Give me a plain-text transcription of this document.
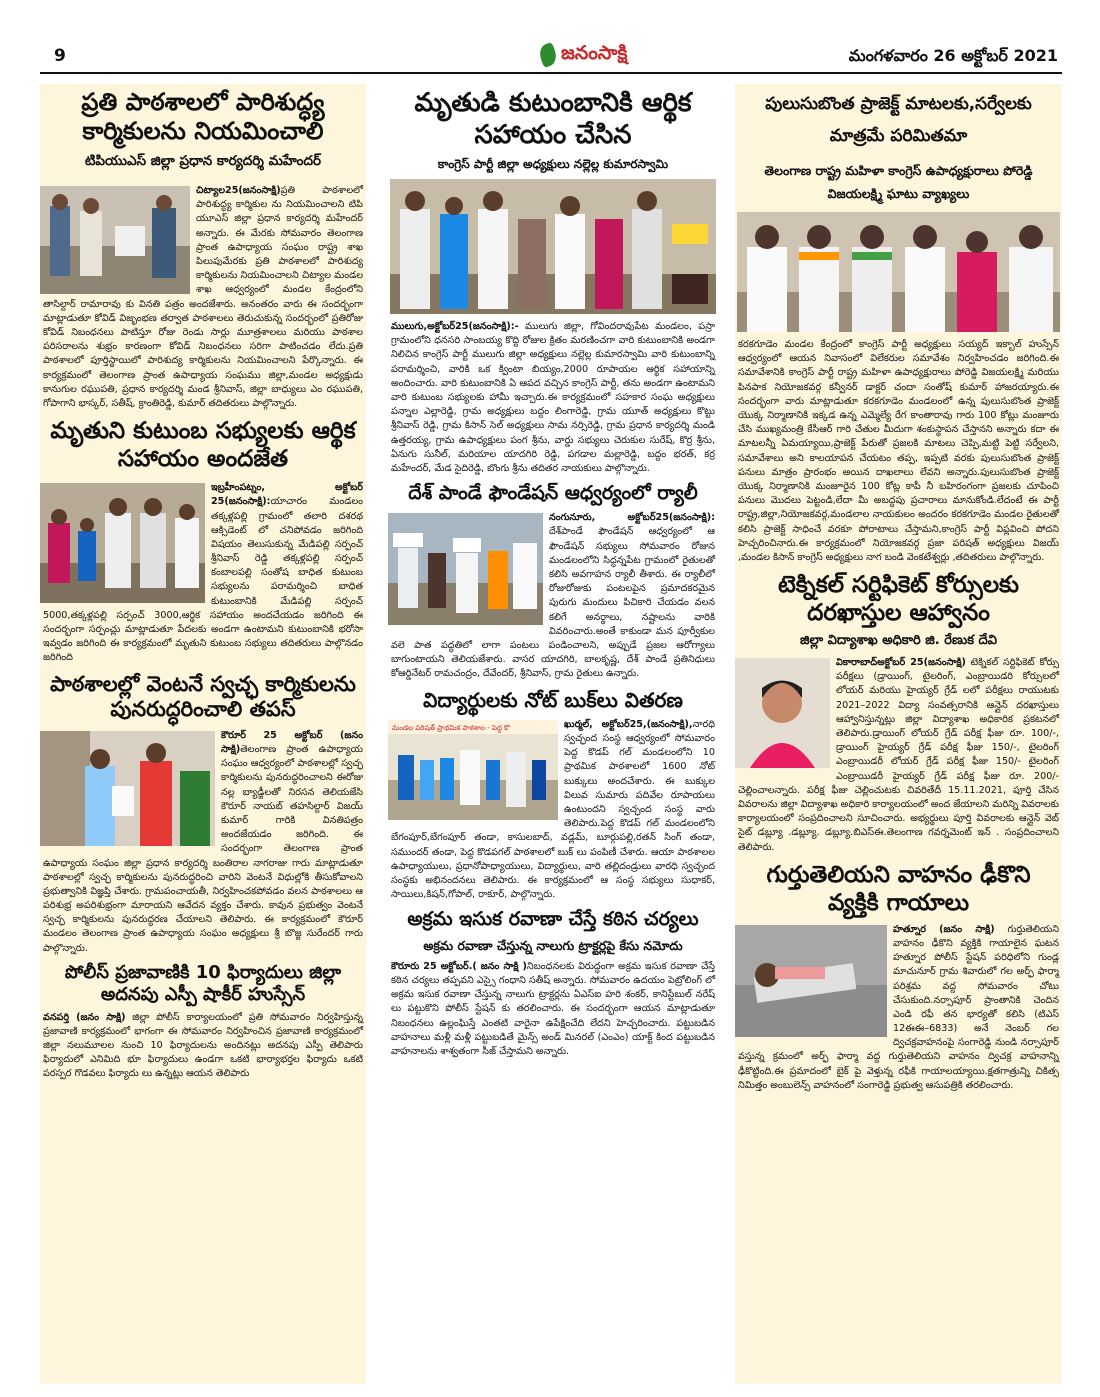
9	జనంసాక్షి	మంగళవారం 26 అక్టోబర్ 2021
ప్రతి పాఠశాలలో పారిశుద్ధ్య కార్మికులను నియమించాలి
టిపియుఎస్ జిల్లా ప్రధాన కార్యదర్శి మహేందర్

చిట్యాల25(జనంసాక్షి)ప్రతి పాఠశాలలో పారిశుద్ధ్య కార్మికుల ను నియమించాలని టిపి యూఎస్ జిల్లా ప్రధాన కార్యదర్శి మహేందర్ అన్నారు. ఈ మేరకు సోమవారం తెలంగాణ ప్రాంత ఉపాధ్యాయ సంఘం రాష్ట్ర శాఖ పిలుపుమేరకు ప్రతి పాఠశాలలో పారిశుద్య కార్మికులను నియమించాలని చిట్యాల మండల శాఖ ఆధ్వర్యంలో మండల కేంద్రంలోని తాసిల్దార్ రామారావు కు వినతి పత్రం అందజేశారు. అనంతరం వారు ఈ సందర్భంగా మాట్లాడుతూ కోవిడ్ విజృంభణ తర్వాత పాఠశాలలు తెరుచుకున్న సందర్భంలో ప్రతిరోజు కోవిడ్ నిబంధనలు పాటిస్తూ రోజు రెండు సార్లు మూత్రశాలలు మరియు పాఠశాల పరిసరాలను శుభ్రం కారణంగా కోవిడ్ నిబంధనలు సరిగా పాటించడం లేదు.ప్రతి పాఠశాలలో పూర్తిస్థాయిలో పారిశుద్య కార్మికులను నియమించాలని పేర్కొన్నారు. ఈ కార్యక్రమంలో తెలంగాణ ప్రాంత ఉపాధ్యాయ సంఘము జిల్లా,మండల అధ్యక్షుడు కానుగుల రఘుపతి, ప్రధాన కార్యదర్శి మండ శ్రీనివాస్, జిల్లా బాధ్యులు ఎం రఘుపతి, గోపాగాని భాస్కర్, సతీష్, క్రాంతిరెడ్డి, కుమార్ తదితరులు పాల్గొన్నారు.

మృతుని కుటుంబ సభ్యులకు ఆర్థిక సహాయం అందజేత

ఇబ్రహీంపట్నం, అక్టోబర్ 25(జనంసాక్షి):యాచారం మండలం తక్కళ్లపల్లి గ్రామంలో తలారి దశరథ ఆక్సిడెంట్ లో చనిపోవడం జరిగింది విషయం తెలుసుకున్న మేడిపల్లి సర్పంచ్ శ్రీనివాస్ రెడ్డి తక్కళ్లపల్లి సర్పంచ్ కంబాలపల్లి సంతోష బాధిత కుటుంబ సభ్యులను పరామర్శించి బాధిత కుటుంబానికి మేడిపల్లి సర్పంచ్ 5000,తక్కళ్లపల్లి సర్పంచ్ 3000,ఆర్థిక సహాయం అందచేయడం జరిగింది ఈ సందర్భంగా సర్పంచ్లు మాట్లాడుతూ పేదలకు అండగా ఉంటామని కుటుంబానికి భరోసా ఇవ్వడం జరిగింది ఈ కార్యక్రమంలో మృతుని కుటుంబ సభ్యులు తదితరులు పాల్గొనడం జరిగింది

పాఠశాలల్లో వెంటనే స్వచ్ఛ కార్మికులను పునరుద్ధరించాలి తపస్

కౌరూర్ 25 అక్టోబర్ (జనం సాక్షి)తెలంగాణ ప్రాంత ఉపాధ్యాయ సంఘం ఆధ్వర్యంలో పాఠశాలల్లో స్వచ్ఛ కార్మికులను పునరుద్ధరించాలని ఈరోజు నల్ల బ్యాడ్జీలతో నిరసన తెలియజేసి కౌరూర్ నాయబ్ తహసిల్దార్ విజయ్ కుమార్ గారికి వినతిపత్రం అందజేయడం జరిగింది. ఈ సందర్భంగా తెలంగాణ ప్రాంత ఉపాధ్యాయ సంఘం జిల్లా ప్రధాన కార్యదర్శి బంతిరాల నాగరాజు గారు మాట్లాడుతూ పాఠశాలల్లో స్వచ్ఛ కార్మికులను పునరుద్ధరించి వారిని వెంటనే విధుల్లోకి తీసుకోవాలని ప్రభుత్వానికి విజ్ఞప్తి చేశారు. గ్రామపంచాయతీ, నిర్వహించకపోవడం వలన పాఠశాలలు ఆ పరిశుభ్ర అపరిశుభ్రంగా మారాయని ఆవేదన వ్యక్తం చేశారు. కావున ప్రభుత్వం వెంటనే స్వచ్ఛ కార్మికులను పునరుద్ధరణ చేయాలని తెలిపారు. ఈ కార్యక్రమంలో కౌరూర్ మండలం తెలంగాణ ప్రాంత ఉపాధ్యాయ సంఘం అధ్యక్షులు శ్రీ బొజ్జ సురేందర్ గారు పాల్గొన్నారు.

పోలీస్ ప్రజావాణికి 10 ఫిర్యాదులు జిల్లా అదనపు ఎస్పీ షాకీర్ హుస్సేన్

వనపర్తి (జనం సాక్షి) జిల్లా పోలీస్ కార్యాలయంలో ప్రతి సోమవారం నిర్వహిస్తున్న ప్రజావాణి కార్యక్రమంలో భాగంగా ఈ సోమవారం నిర్వహించిన ప్రజావాణి కార్యక్రమంలో జిల్లా నలుమూలల నుంచి 10 ఫిర్యాదులను అందినట్లు అదనపు ఎస్పీ తెలిపారు ఫిర్యాదులో ఎనిమిది భూ ఫిర్యాదులు ఉండగా ఒకటి భార్యాభర్తల ఫిర్యాదు ఒకటి పరస్పర గొడవలు ఫిర్యాదు లు ఉన్నట్లు ఆయన తెలిపారు

మృతుడి కుటుంబానికి ఆర్థిక సహాయం చేసిన
కాంగ్రెస్ పార్టీ జిల్లా అధ్యక్షులు నల్లెల్ల కుమారస్వామి

ములుగు,అక్టోబర్25(జనంసాక్షి):- ములుగు జిల్లా, గోవిందరావుపేట మండలం, పస్రా గ్రామంలోని ధనసరి సాంబయ్య కొద్ది రోజుల క్రితం మరణించగా వారి కుటుంబానికి అండగా నిలిచిన కాంగ్రెస్ పార్టీ ములుగు జిల్లా అధ్యక్షులు నల్లెల్ల కుమారస్వామి వారి కుటుంబాన్ని పరామర్శించి, వారికి ఒక క్వింటా బియ్యం,2000 రూపాయల ఆర్థిక సహాయాన్ని అందించారు. వారి కుటుంబానికి ఏ ఆపద వచ్చిన కాంగ్రెస్ పార్టీ, తను అండగా ఉంటామని వారి కుటుంబ సభ్యులకు హామీ ఇచ్చారు.ఈ కార్యక్రమంలో సహకార సంఘ అధ్యక్షులు పన్నాల ఎల్లారెడ్డి, గ్రామ అధ్యక్షులు బద్దం లింగారెడ్డి, గ్రామ యూత్ అధ్యక్షులు కొట్టు శ్రీనివాస్ రెడ్డి, గ్రామ కిసాన్ సెల్ అధ్యక్షులు సామ నర్సిరెడ్డి, గ్రామ ప్రధాన కార్యదర్శి మండి ఉత్తరయ్య, గ్రామ ఉపాధ్యక్షులు పంగ శ్రీను, వార్డు సభ్యులు చెరుకుల సురేష్, కొర్ర శ్రీను, ఏనుగు సునీల్, మరియాల యాదగిరి రెడ్డి, పగడాల మల్లారెడ్డి, బద్దం భరత్, కర్ర మహేందర్, మేడ సైదిరెడ్డి, బొంగు శ్రీను తదితర నాయకులు పాల్గొన్నారు.

దేశ్ పాండే ఫౌండేషన్ ఆధ్వర్యంలో ర్యాలీ

నంగునూరు, అక్టోబర్25(జనంసాక్షి): దేశ్‌పాండే ఫౌండేషన్ ఆధ్వర్యంలో ఆ ఫౌండేషన్ సభ్యులు సోమవారం రోజున మండలంలోని సిద్ధన్నపేట గ్రామంలో రైతులతో కలిసి అవగాహన ర్యాలీ తీశారు. ఈ ర్యాలీలో రోజురోజుకు పంటలపైన ప్రమాదకరమైన పురుగు మందులు పిచికారి చేయడం వలన కలిగే అనర్థాలు, నష్టాలను వారికి వివరించారు.అంతే కాకుండా మన పూర్వీకుల వలె పాత పద్ధతిలో లాగా పంటలు పండించాలని, అప్పుడే ప్రజల ఆరోగ్యాలు బాగుంటాయని తెలియజేశారు. వాసర యాదగిరి, బాలకృష్ణ, దేశ్ పాండే ప్రతినిధులు కోఆర్డినేటర్ రామచంద్రం, దేవేందర్, శ్రీనివాస్, గ్రామ రైతులు ఉన్నారు.

విద్యార్థులకు నోట్ బుక్‌లు వితరణ
మండల పరిషత్ ప్రాథమిక పాఠశాల - పెద్ద కొ	ఖుర్మల్, అక్టోబర్25,(జనంసాక్షి),నారధి స్వచ్ఛంద సంస్థ ఆధ్వర్యంలో సోమవారం పెద్ద కొడప్ గల్ మండలంలోని 10 ప్రాథమిక పాఠశాలలో 1600 నోట్ బుక్కులు అందచేశారు. ఈ బుక్కుల విలువ సుమారు పదివేల రూపాయలు ఉంటుందని స్వచ్ఛంద సంస్థ వారు తెలిపారు.పెద్ద కొడప్ గల్ మండలంలోని బేగంపూర్,బేగంపూర్ తండా, కాసులబాద్, వడ్లమ్, బూర్గుపల్లి,రతన్ సింగ్ తండా, సముందర్ తండా, పెద్ద కొడపగల్ పాఠశాలలో బుక్ లు పంపిణీ చేశారు. ఆయా పాఠశాలల ఉపాధ్యాయులు, ప్రధానోపాధ్యాయులు, విద్యార్థులు, వారి తల్లిదండ్రులు వారధి స్వచ్ఛంద సంస్థకు అభినందనలు తెలిపారు. ఈ కార్యక్రమంలో ఆ సంస్థ సభ్యులు సుధాకర్, సాయిలు,కిషన్,గోపాల్, రాకూర్, పాల్గొన్నారు.

అక్రమ ఇసుక రవాణా చేస్తే కఠిన చర్యలు
అక్రమ రవాణా చేస్తున్న నాలుగు ట్రాక్టర్లపై కేసు నమోదు

కౌరూరు 25 అక్టోబర్.( జనం సాక్షి )నిబంధనలకు విరుద్ధంగా అక్రమ ఇసుక రవాణా చేస్తే కఠిన చర్యలు తప్పవని ఎస్సై గంధాని సతీష్ అన్నారు. సోమవారం ఉదయం పెట్రోలింగ్ లో అక్రమ ఇసుక రవాణా చేస్తున్న నాలుగు ట్రాక్టర్లను ఏఎస్ఐ హరి శంకర్, కానిస్టేబుల్ నరేష్ లు పట్టుకొని పోలీస్ స్టేషన్ కు తరలించారు. ఈ సందర్భంగా ఆయన మాట్లాడుతూ నిబంధనలు ఉల్లంఘిస్తే ఎంతటి వారైనా ఉపేక్షించేది లేదని హెచ్చరించారు. పట్టుబడిన వాహనాలు మళ్లీ మళ్లీ పట్టుబడితే మైన్స్ అండ్ మినరల్ (ఎంఎం) యాక్ట్ కింద పట్టుబడిన వాహనాలను శాశ్వతంగా సీజ్ చేస్తామని అన్నారు.

పులుసుబొంత ప్రాజెక్ట్ మాటలకు,సర్వేలకు మాత్రమే పరిమితమా
తెలంగాణ రాష్ట్ర మహిళా కాంగ్రెస్ ఉపాధ్యక్షురాలు పోరెడ్డి విజయలక్ష్మి ఘాటు వ్యాఖ్యలు

కరకగూడెం మండల కేంద్రంలో కాంగ్రెస్ పార్టీ అధ్యక్షులు సయ్యద్ ఇక్బాల్ హుస్సేన్ ఆధ్వర్యంలో ఆయన నివాసంలో విలేకరుల సమావేశం నిర్వహించడం జరిగింది.ఈ సమావేశానికి కాంగ్రెస్ పార్టీ రాష్ట్ర మహిళా ఉపాధ్యక్షురాలు పోరెడ్డి విజయలక్ష్మి మరియు పినపాక నియోజకవర్గ కన్వీనర్ డాక్టర్ చందా సంతోష్ కుమార్ హాజరయ్యారు.ఈ సందర్భంగా వారు మాట్లాడుతూ కరకగూడెం మండలంలో ఉన్న పులుసుబొంత ప్రాజెక్ట్ యొక్క నిర్మాణానికి ఇక్కడ ఉన్న ఎమ్మెల్యే రేగ కాంతారావు గారు 100 కోట్లు మంజూరు చేసి ముఖ్యమంత్రి కేసీఆర్ గారి చేతుల మీదుగా శంకుస్థాపన చేస్తానని అన్నారు కదా ఈ మాటలన్నీ ఏమయ్యాయి,ప్రాజెక్ట్ పేరుతో ప్రజలకి మాటలు చెప్పి,మట్టి పెట్టి సర్వేలని, సమావేశాలు అని కాలయాపన చేయటం తప్ప, ఇప్పటి వరకు పులుసుబొంత ప్రాజెక్ట్ పనులు మాత్రం ప్రారంభం అయిన దాఖలాలు లేవని అన్నారు.పులుసుబొంత ప్రాజెక్ట్ యొక్క నిర్మాణానికి మంజూరైన 100 కోట్ల కాపీ నీ బహిరంగంగా ప్రజలకు చూపించి పనులు మొదలు పెట్టండి,లేదా మీ అబద్ధపు ప్రచారాలు మానుకోండి.లేదంటే ఈ పార్టీ రాష్ట్ర,జిల్లా,నియోజకవర్గ,మండలాల నాయకులం అందరం కరకగూడెం మండల రైతులతో కలిసి ప్రాజెక్ట్ సాధించే వరకూ పోరాటాలు చేస్తామని,కాంగ్రెస్ పార్టీ విప్లవించి పోదని హెచ్చరించినారు.ఈ కార్యక్రమంలో నియోజకవర్గ ప్రజా పరిషత్ అధ్యక్షులు విజయ్ ,మండల కిసాన్ కాంగ్రెస్ అధ్యక్షులు నాగ బండి వెంకటేశ్వర్లు ,తదితరులు పాల్గొన్నారు.

టెక్నికల్ సర్టిఫికెట్ కోర్సులకు దరఖాస్తుల ఆహ్వానం
జిల్లా విద్యాశాఖ అధికారి జి. రేణుక దేవి

వికారాబాద్అక్టోబర్ 25(జనంసాక్షి) టెక్నికల్ సర్టిఫికెట్ కోర్సు పరీక్షలు (డ్రాయింగ్, టైలరింగ్, ఎంబ్రాయిడరి కోర్సులలో లోయర్ మరియు హైయ్యర్ గ్రేడ్ లలో పరీక్షలు రాయుటకు 2021–2022 విద్యా సంవత్సరానికి ఆన్లైన్ దరఖాస్తులు ఆహ్వానిస్తున్నట్లు జిల్లా విద్యాశాఖ అధికారిక ప్రకటనలో తెలిపారు.డ్రాయింగ్ లోయర్ గ్రేడ్ పరీక్ష ఫీజు రూ. 100/-, డ్రాయింగ్ హైయ్యర్ గ్రేడ్ పరీక్ష ఫీజు 150/-, టైలరింగ్ ఎంబ్రాయిడరీ లోయర్ గ్రేడ్ పరీక్ష ఫీజు 150/- టైలరింగ్ ఎంబ్రాయిడరీ హైయ్యర్ గ్రేడ్ పరీక్ష ఫీజు రూ. 200/- చెల్లించాలన్నారు. పరీక్ష ఫీజు చెల్లించుటకు చివరితేదీ 15.11.2021, పూర్తి చేసిన వివరాలను జిల్లా విద్యాశాఖ అధికారి కార్యాలయంలో అంద జేయాలని మరిన్ని వివరాలకు కార్యాలయంలో సంప్రదించాలని సూచించారు. అభ్యర్థులు పూర్తి వివరాలకు ఆన్లైన్ వెబ్ సైట్ డబ్ల్యూ .డబ్ల్యూ. డబ్ల్యూ.బిఎస్ఈ.తెలంగాణ గవర్నమెంట్ ఇన్ . సంప్రదించాలని తెలిపారు.

గుర్తుతెలియని వాహనం ఢీకొని వ్యక్తికి గాయాలు

హత్నూర (జనం సాక్షి) గుర్తుతెలియని వాహనం ఢీకొని వ్యక్తికి గాయాలైన ఘటన హత్నూర పోలీస్ స్టేషన్ పరిధిలోని గుండ్ల మాచునూర్ గ్రామ శివారులో గల అర్ఫ్ ఫార్మా పరిశ్రమ వద్ద సోమవారం చోటు చేసుకుంది.నర్సాపూర్ ప్రాంతానికి చెందిన ఎండి రఫీ తన భార్యతో కలిసి (టిఎస్ 12ఈఈ–6833) అనే నెంబర్ గల ద్విచక్రవాహనంపై సంగారెడ్డి నుండి నర్సాపూర్ వస్తున్న క్రమంలో అర్ఫ్ ఫార్మా వద్ద గుర్తుతెలియని వాహనం ద్విచక్ర వాహనాన్ని ఢీకొట్టింది.ఈ ప్రమాదంలో బైక్ పై వెళ్తున్న రఫీకి గాయాలయ్యాయి.క్షతగాత్రున్ని చికిత్స నిమిత్తం అంబులెన్స్ వాహనంలో సంగారెడ్డి ప్రభుత్వ ఆసుపత్రికి తరలించారు.
